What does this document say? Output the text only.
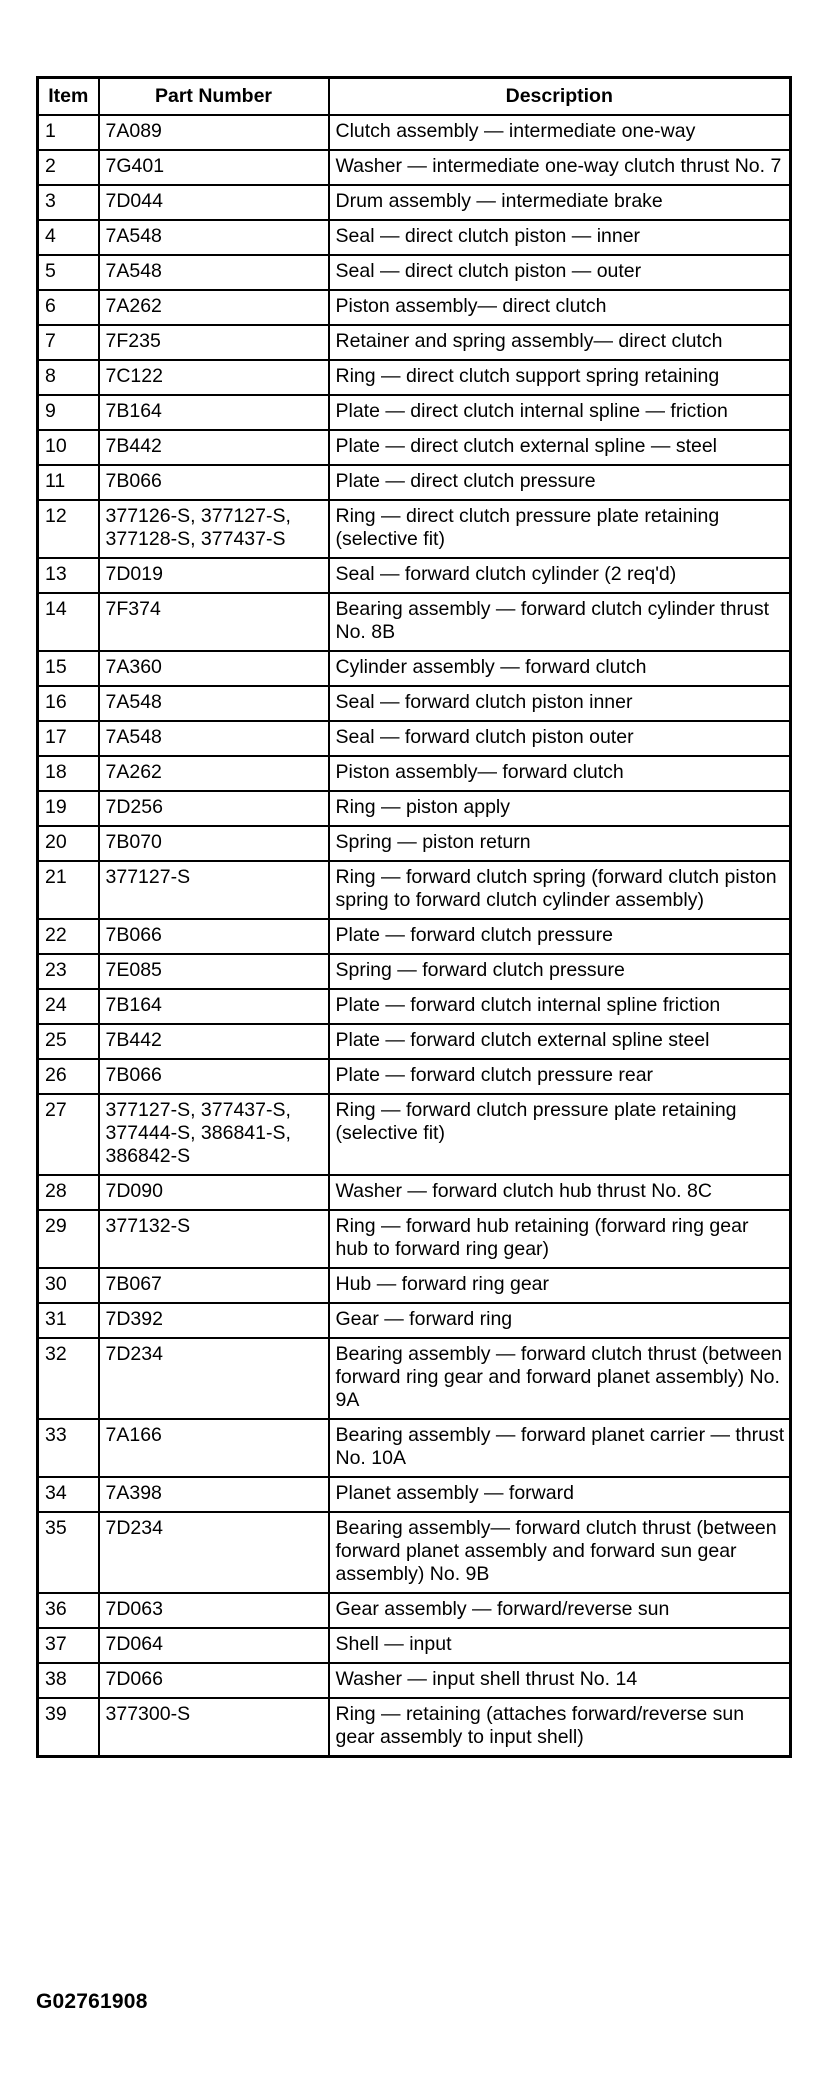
Item	Part Number	Description
1	7A089	Clutch assembly — intermediate one-way
2	7G401	Washer — intermediate one-way clutch thrust No. 7
3	7D044	Drum assembly — intermediate brake
4	7A548	Seal — direct clutch piston — inner
5	7A548	Seal — direct clutch piston — outer
6	7A262	Piston assembly— direct clutch
7	7F235	Retainer and spring assembly— direct clutch
8	7C122	Ring — direct clutch support spring retaining
9	7B164	Plate — direct clutch internal spline — friction
10	7B442	Plate — direct clutch external spline — steel
11	7B066	Plate — direct clutch pressure
12	377126-S, 377127-S, 377128-S, 377437-S	Ring — direct clutch pressure plate retaining (selective fit)
13	7D019	Seal — forward clutch cylinder (2 req'd)
14	7F374	Bearing assembly — forward clutch cylinder thrust No. 8B
15	7A360	Cylinder assembly — forward clutch
16	7A548	Seal — forward clutch piston inner
17	7A548	Seal — forward clutch piston outer
18	7A262	Piston assembly— forward clutch
19	7D256	Ring — piston apply
20	7B070	Spring — piston return
21	377127-S	Ring — forward clutch spring (forward clutch piston spring to forward clutch cylinder assembly)
22	7B066	Plate — forward clutch pressure
23	7E085	Spring — forward clutch pressure
24	7B164	Plate — forward clutch internal spline friction
25	7B442	Plate — forward clutch external spline steel
26	7B066	Plate — forward clutch pressure rear
27	377127-S, 377437-S, 377444-S, 386841-S, 386842-S	Ring — forward clutch pressure plate retaining (selective fit)
28	7D090	Washer — forward clutch hub thrust No. 8C
29	377132-S	Ring — forward hub retaining (forward ring gear hub to forward ring gear)
30	7B067	Hub — forward ring gear
31	7D392	Gear — forward ring
32	7D234	Bearing assembly — forward clutch thrust (between forward ring gear and forward planet assembly) No. 9A
33	7A166	Bearing assembly — forward planet carrier — thrust No. 10A
34	7A398	Planet assembly — forward
35	7D234	Bearing assembly— forward clutch thrust (between forward planet assembly and forward sun gear assembly) No. 9B
36	7D063	Gear assembly — forward/reverse sun
37	7D064	Shell — input
38	7D066	Washer — input shell thrust No. 14
39	377300-S	Ring — retaining (attaches forward/reverse sun gear assembly to input shell)
G02761908
